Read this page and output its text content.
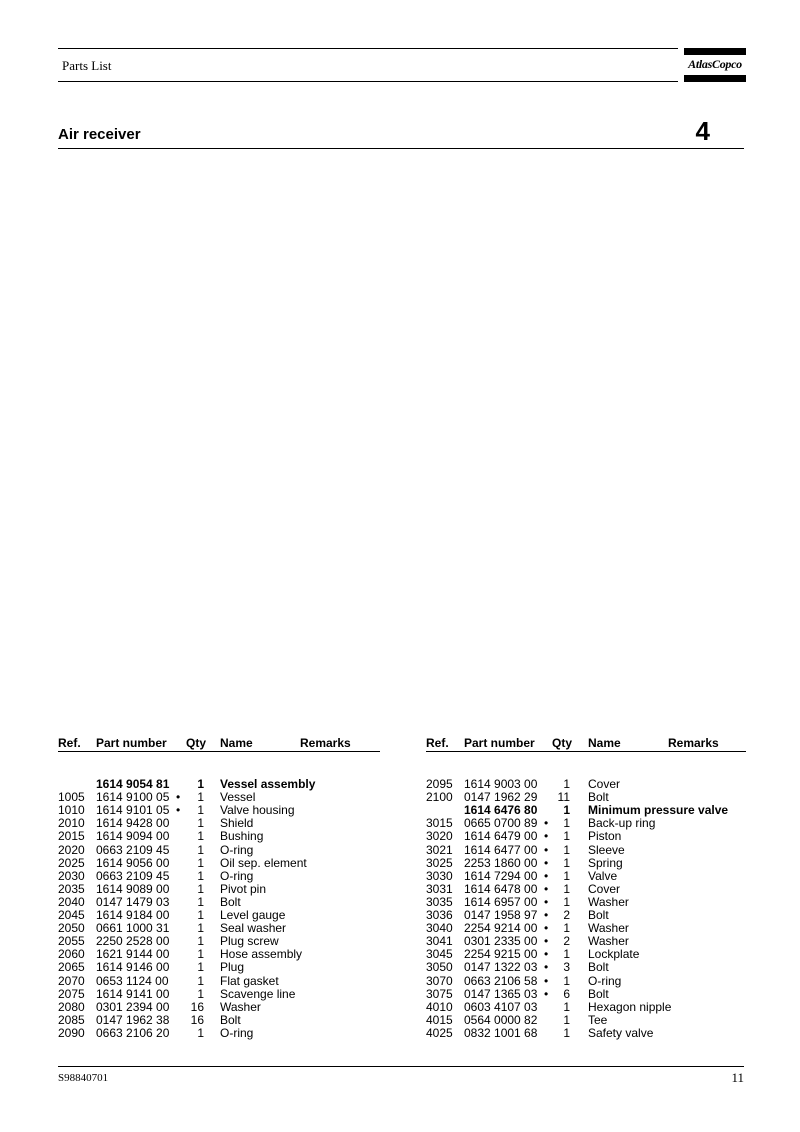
Parts List	AtlasCopco
Air receiver	4
Ref. Part number Qty Name	Remarks
1614 9054 81	1 Vessel assembly
1005 1614 9100 05 •	1 Vessel
1010 1614 9101 05 •	1 Valve housing
2010 1614 9428 00	1 Shield
2015 1614 9094 00	1 Bushing
2020 0663 2109 45	1 O-ring
2025 1614 9056 00	1 Oil sep. element
2030 0663 2109 45	1 O-ring
2035 1614 9089 00	1 Pivot pin
2040 0147 1479 03	1 Bolt
2045 1614 9184 00	1 Level gauge
2050 0661 1000 31	1 Seal washer
2055 2250 2528 00	1 Plug screw
2060 1621 9144 00	1 Hose assembly
2065 1614 9146 00	1 Plug
2070 0653 1124 00	1 Flat gasket
2075 1614 9141 00	1 Scavenge line
2080 0301 2394 00	16 Washer
2085 0147 1962 38	16 Bolt
2090 0663 2106 20	1 O-ring
Ref. Part number Qty Name	Remarks
2095 1614 9003 00	1 Cover
2100 0147 1962 29	11 Bolt
1614 6476 80	1 Minimum pressure valve
3015 0665 0700 89 •	1 Back-up ring
3020 1614 6479 00 •	1 Piston
3021 1614 6477 00 •	1 Sleeve
3025 2253 1860 00 •	1 Spring
3030 1614 7294 00 •	1 Valve
3031 1614 6478 00 •	1 Cover
3035 1614 6957 00 •	1 Washer
3036 0147 1958 97 •	2 Bolt
3040 2254 9214 00 •	1 Washer
3041 0301 2335 00 •	2 Washer
3045 2254 9215 00 •	1 Lockplate
3050 0147 1322 03 •	3 Bolt
3070 0663 2106 58 •	1 O-ring
3075 0147 1365 03 •	6 Bolt
4010 0603 4107 03	1 Hexagon nipple
4015 0564 0000 82	1 Tee
4025 0832 1001 68	1 Safety valve
S98840701	11
